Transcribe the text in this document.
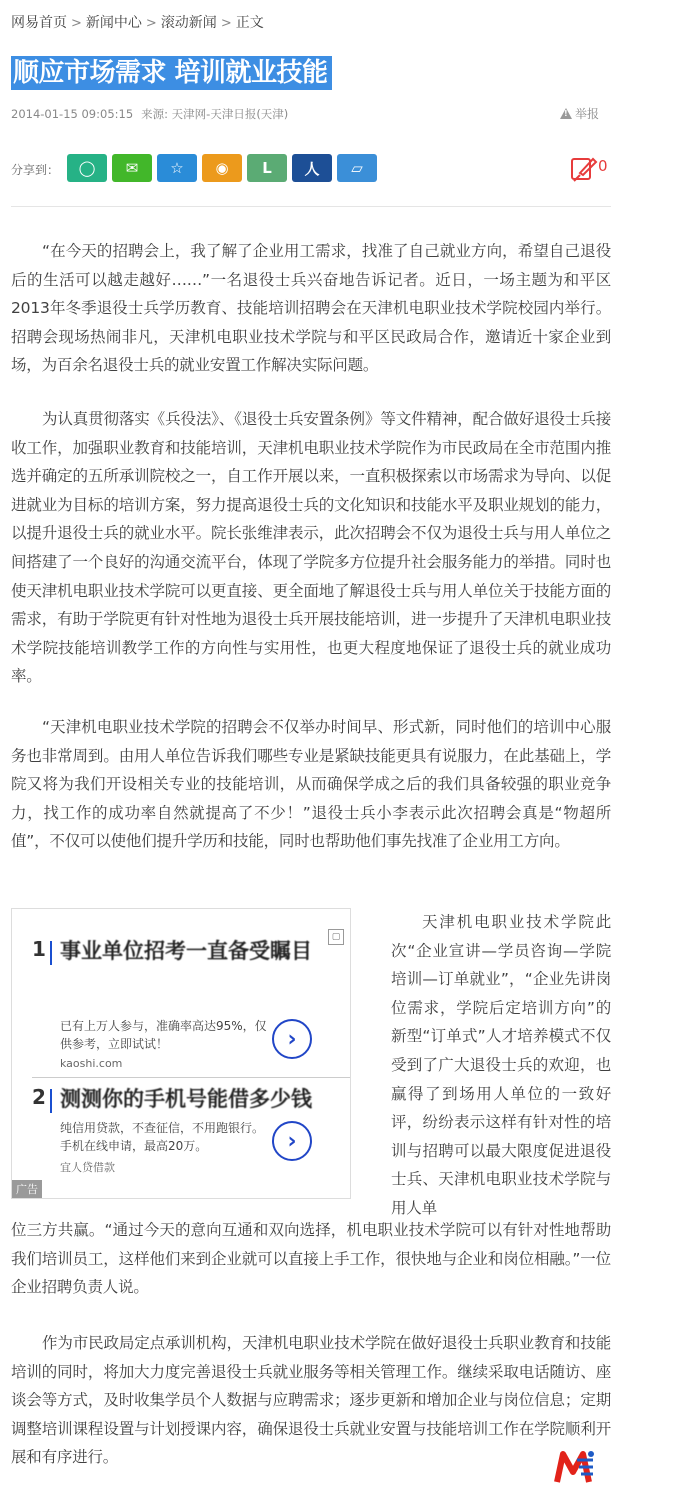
网易首页 > 新闻中心 > 滚动新闻 > 正文
顺应市场需求 培训就业技能
2014-01-15 09:05:15 来源: 天津网-天津日报(天津)
!	举报
分享到： ◯ ✉ ☆ ◉ L 人 ▱	0

“在今天的招聘会上，我了解了企业用工需求，找准了自己就业方向，希望自己退役后的生活可以越走越好……”一名退役士兵兴奋地告诉记者。近日，一场主题为和平区2013年冬季退役士兵学历教育、技能培训招聘会在天津机电职业技术学院校园内举行。招聘会现场热闹非凡，天津机电职业技术学院与和平区民政局合作，邀请近十家企业到场，为百余名退役士兵的就业安置工作解决实际问题。

为认真贯彻落实《兵役法》、《退役士兵安置条例》等文件精神，配合做好退役士兵接收工作，加强职业教育和技能培训，天津机电职业技术学院作为市民政局在全市范围内推选并确定的五所承训院校之一，自工作开展以来，一直积极探索以市场需求为导向、以促进就业为目标的培训方案，努力提高退役士兵的文化知识和技能水平及职业规划的能力，以提升退役士兵的就业水平。院长张维津表示，此次招聘会不仅为退役士兵与用人单位之间搭建了一个良好的沟通交流平台，体现了学院多方位提升社会服务能力的举措。同时也使天津机电职业技术学院可以更直接、更全面地了解退役士兵与用人单位关于技能方面的需求，有助于学院更有针对性地为退役士兵开展技能培训，进一步提升了天津机电职业技术学院技能培训教学工作的方向性与实用性，也更大程度地保证了退役士兵的就业成功率。

“天津机电职业技术学院的招聘会不仅举办时间早、形式新，同时他们的培训中心服务也非常周到。由用人单位告诉我们哪些专业是紧缺技能更具有说服力，在此基础上，学院又将为我们开设相关专业的技能培训，从而确保学成之后的我们具备较强的职业竞争力，找工作的成功率自然就提高了不少！”退役士兵小李表示此次招聘会真是“物超所值”，不仅可以使他们提升学历和技能，同时也帮助他们事先找准了企业用工方向。

天津机电职业技术学院此次“企业宣讲—学员咨询—学院培训—订单就业”，“企业先讲岗位需求，学院后定培训方向”的新型“订单式”人才培养模式不仅受到了广大退役士兵的欢迎，也赢得了到场用人单位的一致好评，纷纷表示这样有针对性的培训与招聘可以最大限度促进退役士兵、天津机电职业技术学院与用人单

位三方共赢。“通过今天的意向互通和双向选择，机电职业技术学院可以有针对性地帮助我们培训员工，这样他们来到企业就可以直接上手工作，很快地与企业和岗位相融。”一位企业招聘负责人说。

作为市民政局定点承训机构，天津机电职业技术学院在做好退役士兵职业教育和技能培训的同时，将加大力度完善退役士兵就业服务等相关管理工作。继续采取电话随访、座谈会等方式，及时收集学员个人数据与应聘需求；逐步更新和增加企业与岗位信息；定期调整培训课程设置与计划授课内容，确保退役士兵就业安置与技能培训工作在学院顺利开展和有序进行。

▢
1 事业单位招考一直备受瞩目
已有上万人参与，准确率高达95%，仅供参考，立即试试！
kaoshi.com
›
2 测测你的手机号能借多少钱
纯信用贷款，不查征信，不用跑银行。手机在线申请，最高20万。
宜人贷借款
›
广告
